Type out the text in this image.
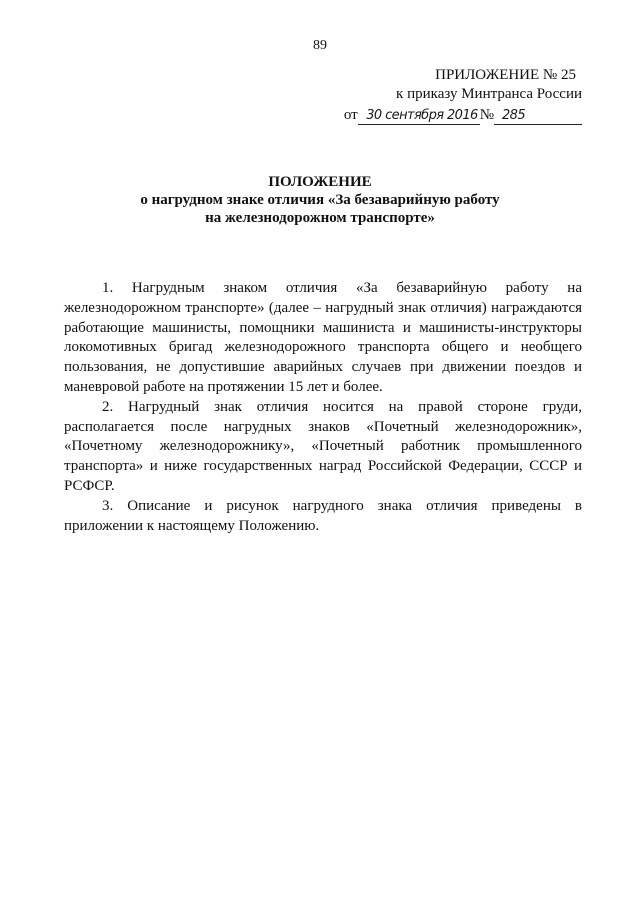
89
ПРИЛОЖЕНИЕ № 25
к приказу Минтранса России
от 30 сентября 2016 № 285
ПОЛОЖЕНИЕ
о нагрудном знаке отличия «За безаварийную работу
на железнодорожном транспорте»

1. Нагрудным знаком отличия «За безаварийную работу на железнодорожном транспорте» (далее – нагрудный знак отличия) награждаются работающие машинисты, помощники машиниста и машинисты-инструкторы локомотивных бригад железнодорожного транспорта общего и необщего пользования, не допустившие аварийных случаев при движении поездов и маневровой работе на протяжении 15 лет и более.

2. Нагрудный знак отличия носится на правой стороне груди, располагается после нагрудных знаков «Почетный железнодорожник», «Почетному железнодорожнику», «Почетный работник промышленного транспорта» и ниже государственных наград Российской Федерации, СССР и РСФСР.

3. Описание и рисунок нагрудного знака отличия приведены в приложении к настоящему Положению.
